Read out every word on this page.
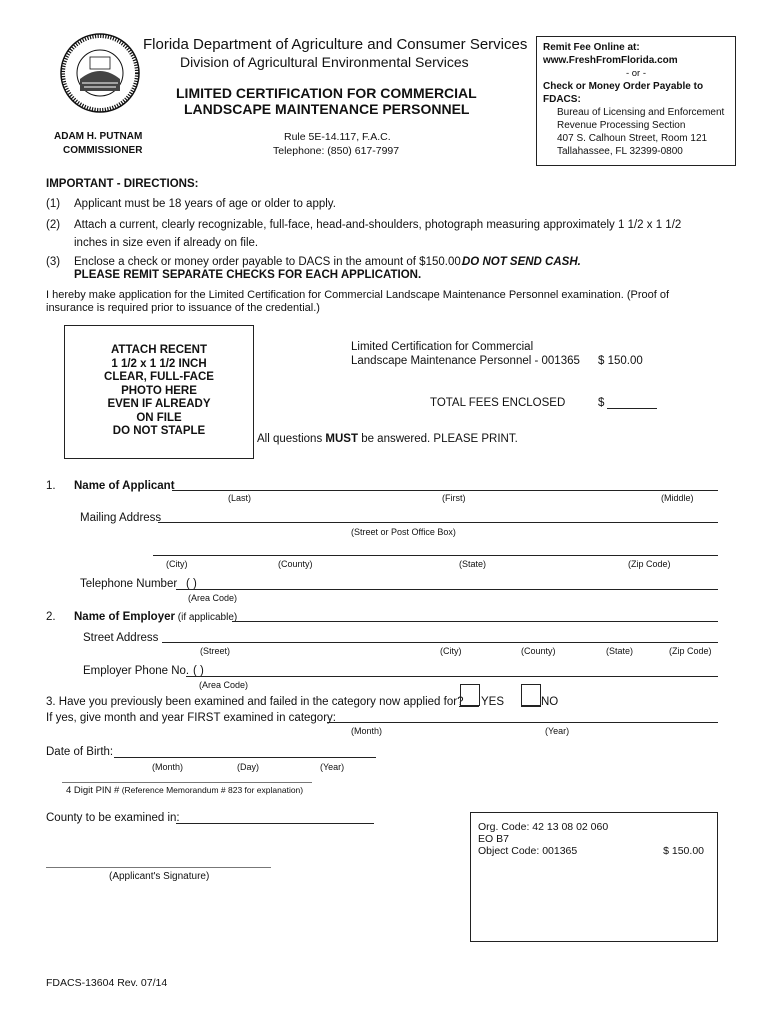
Florida Department of Agriculture and Consumer Services
Division of Agricultural Environmental Services
LIMITED CERTIFICATION FOR COMMERCIAL
LANDSCAPE MAINTENANCE PERSONNEL
Rule 5E-14.117, F.A.C.
Telephone: (850) 617-7997
ADAM H. PUTNAM
COMMISSIONER
Remit Fee Online at:
www.FreshFromFlorida.com
- or -
Check or Money Order Payable to
FDACS:
Bureau of Licensing and Enforcement
Revenue Processing Section
407 S. Calhoun Street, Room 121
Tallahassee, FL 32399-0800
IMPORTANT - DIRECTIONS:
(1) Applicant must be 18 years of age or older to apply.
(2) Attach a current, clearly recognizable, full-face, head-and-shoulders, photograph measuring approximately 1 1/2 x 1 1/2
inches in size even if already on file.
(3) Enclose a check or money order payable to DACS in the amount of $150.00.
DO NOT SEND CASH.
PLEASE REMIT SEPARATE CHECKS FOR EACH APPLICATION.
I hereby make application for the Limited Certification for Commercial Landscape Maintenance Personnel examination. (Proof of
insurance is required prior to issuance of the credential.)
ATTACH RECENT
1 1/2 x 1 1/2 INCH
CLEAR, FULL-FACE
PHOTO HERE
EVEN IF ALREADY
ON FILE
DO NOT STAPLE
Limited Certification for Commercial
Landscape Maintenance Personnel - 001365 $ 150.00
TOTAL FEES ENCLOSED	$
All questions MUST be answered. PLEASE PRINT.
1. Name of Applicant
(Last)	(First)	(Middle)
Mailing Address
(Street or Post Office Box)
(City)	(County)	(State)	(Zip Code)
Telephone Number ( )
(Area Code)
2. Name of Employer (if applicable)
Street Address
(Street)	(City)	(County)	(State)	(Zip Code)
Employer Phone No. ( )
(Area Code)
3. Have you previously been examined and failed in the category now applied for? YES	NO
If yes, give month and year FIRST examined in category:
(Month)	(Year)
Date of Birth:
(Month)	(Day)	(Year)
4 Digit PIN # (Reference Memorandum # 823 for explanation)
County to be examined in:
(Applicant's Signature)
Org. Code: 42 13 08 02 060
EO B7
Object Code: 001365	$ 150.00
FDACS-13604 Rev. 07/14
